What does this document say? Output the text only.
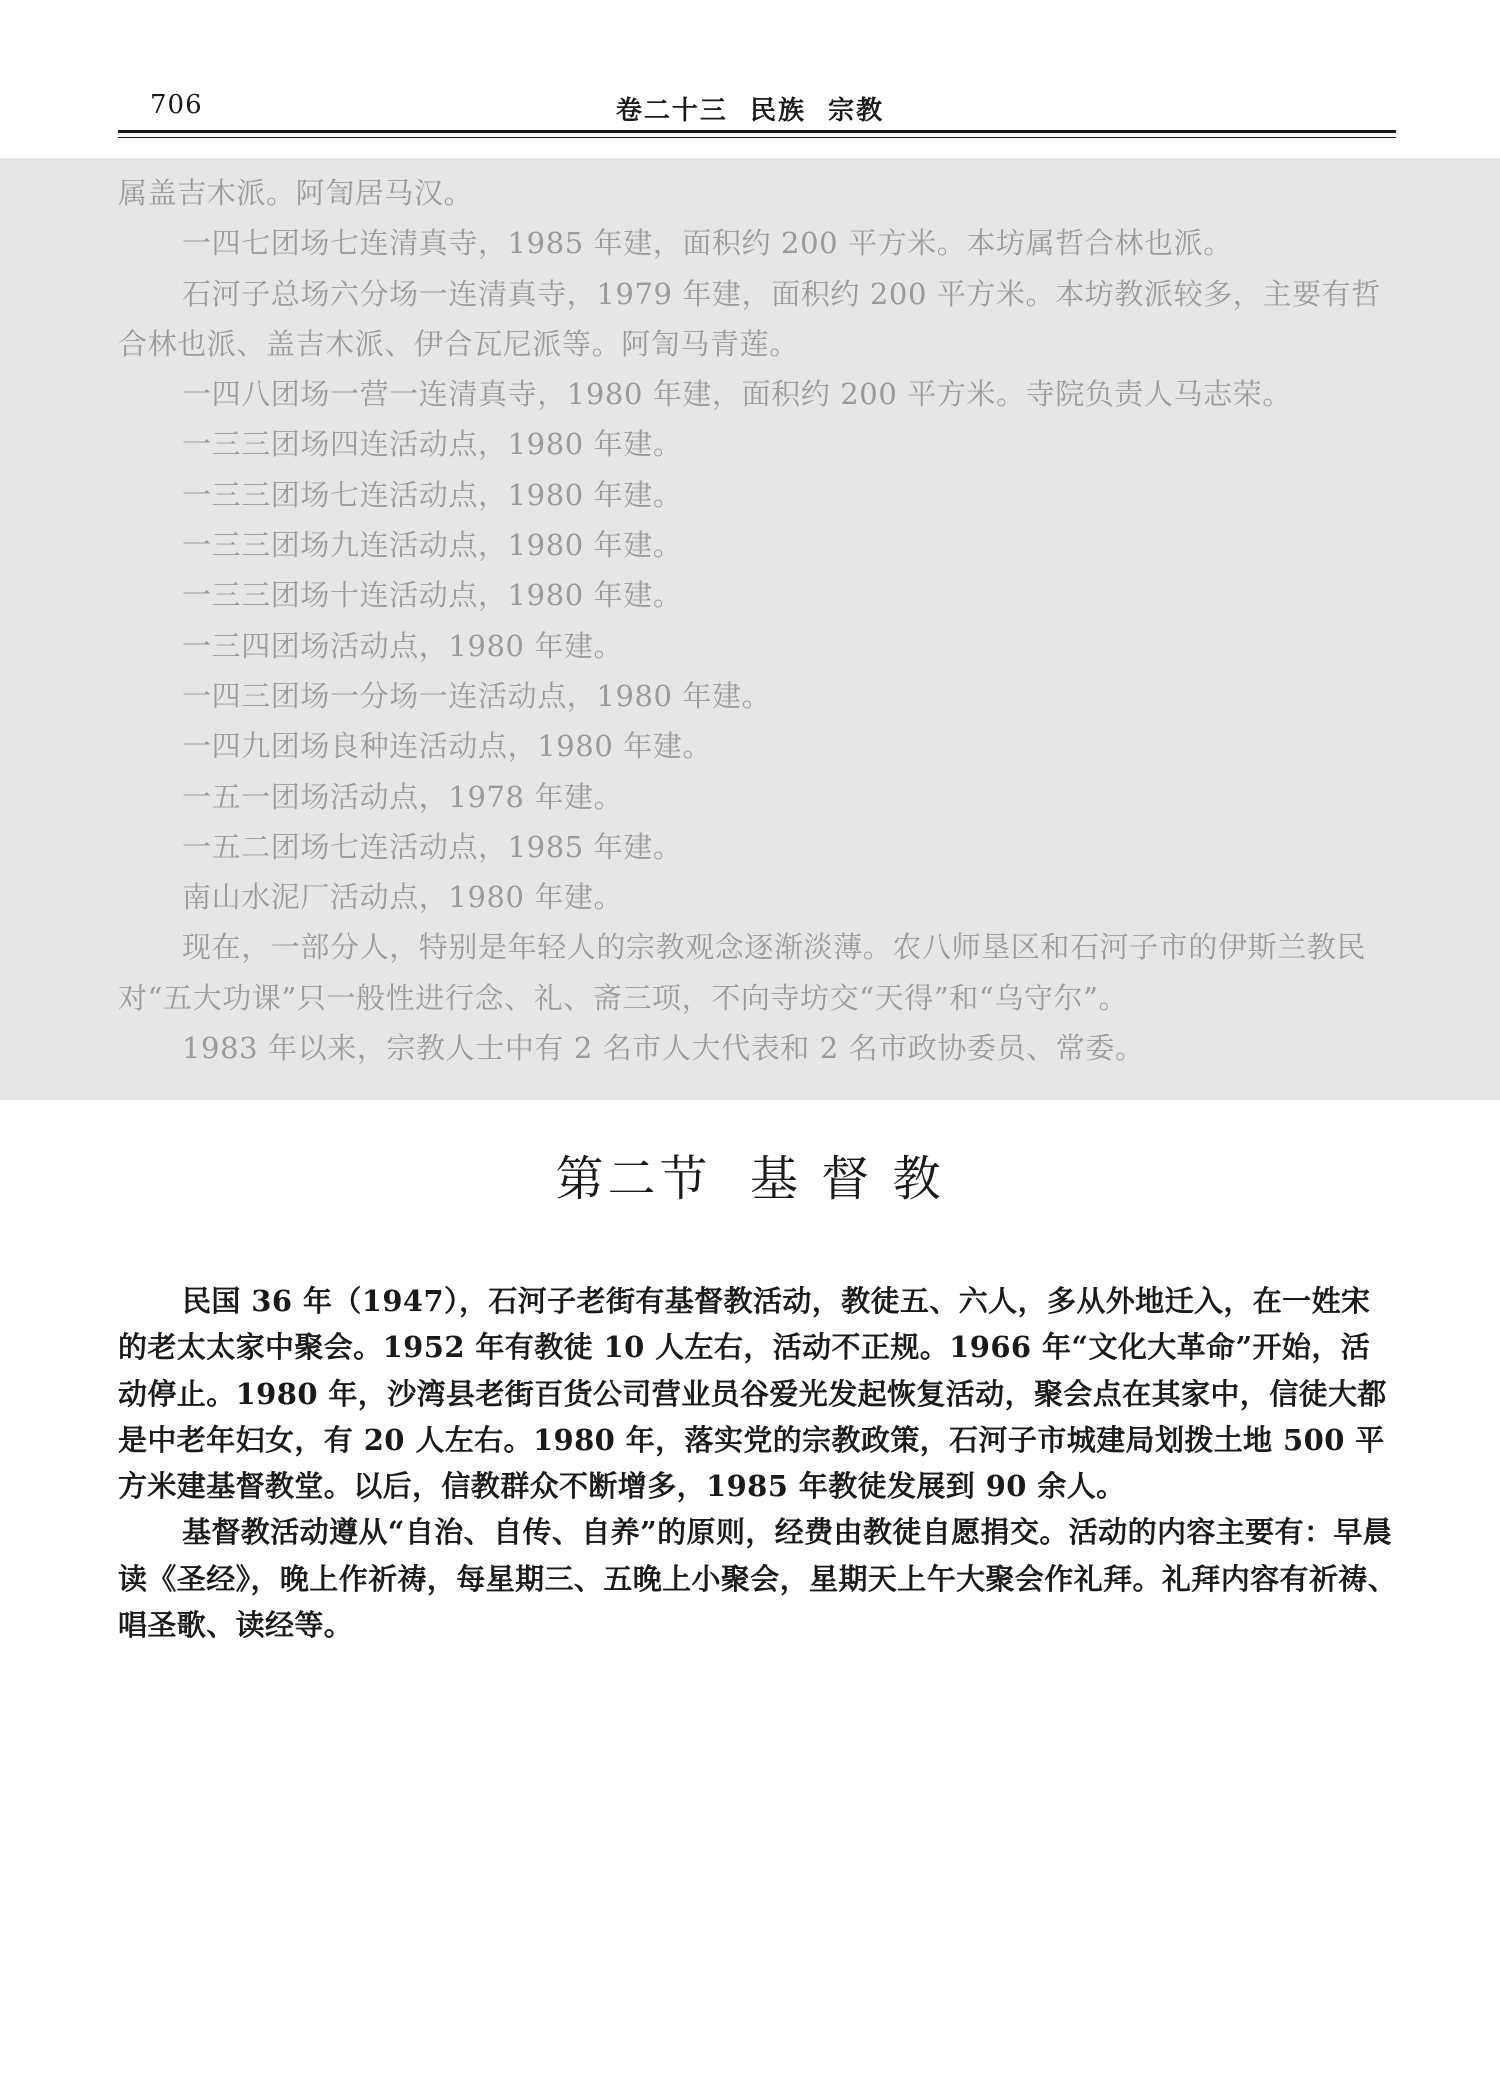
706	卷二十三  民族  宗教

属盖吉木派。阿訇居马汉。

一四七团场七连清真寺，1985 年建，面积约 200 平方米。本坊属哲合林也派。

石河子总场六分场一连清真寺，1979 年建，面积约 200 平方米。本坊教派较多，主要有哲合林也派、盖吉木派、伊合瓦尼派等。阿訇马青莲。

一四八团场一营一连清真寺，1980 年建，面积约 200 平方米。寺院负责人马志荣。

一三三团场四连活动点，1980 年建。

一三三团场七连活动点，1980 年建。

一三三团场九连活动点，1980 年建。

一三三团场十连活动点，1980 年建。

一三四团场活动点，1980 年建。

一四三团场一分场一连活动点，1980 年建。

一四九团场良种连活动点，1980 年建。

一五一团场活动点，1978 年建。

一五二团场七连活动点，1985 年建。

南山水泥厂活动点，1980 年建。

现在，一部分人，特别是年轻人的宗教观念逐渐淡薄。农八师垦区和石河子市的伊斯兰教民对“五大功课”只一般性进行念、礼、斋三项，不向寺坊交“天得”和“乌守尔”。

1983 年以来，宗教人士中有 2 名市人大代表和 2 名市政协委员、常委。

第二节  基 督 教

民国 36 年（1947），石河子老街有基督教活动，教徒五、六人，多从外地迁入，在一姓宋的老太太家中聚会。1952 年有教徒 10 人左右，活动不正规。1966 年“文化大革命”开始，活动停止。1980 年，沙湾县老街百货公司营业员谷爱光发起恢复活动，聚会点在其家中，信徒大都是中老年妇女，有 20 人左右。1980 年，落实党的宗教政策，石河子市城建局划拨土地 500 平方米建基督教堂。以后，信教群众不断增多，1985 年教徒发展到 90 余人。

基督教活动遵从“自治、自传、自养”的原则，经费由教徒自愿捐交。活动的内容主要有：早晨读《圣经》，晚上作祈祷，每星期三、五晚上小聚会，星期天上午大聚会作礼拜。礼拜内容有祈祷、唱圣歌、读经等。
